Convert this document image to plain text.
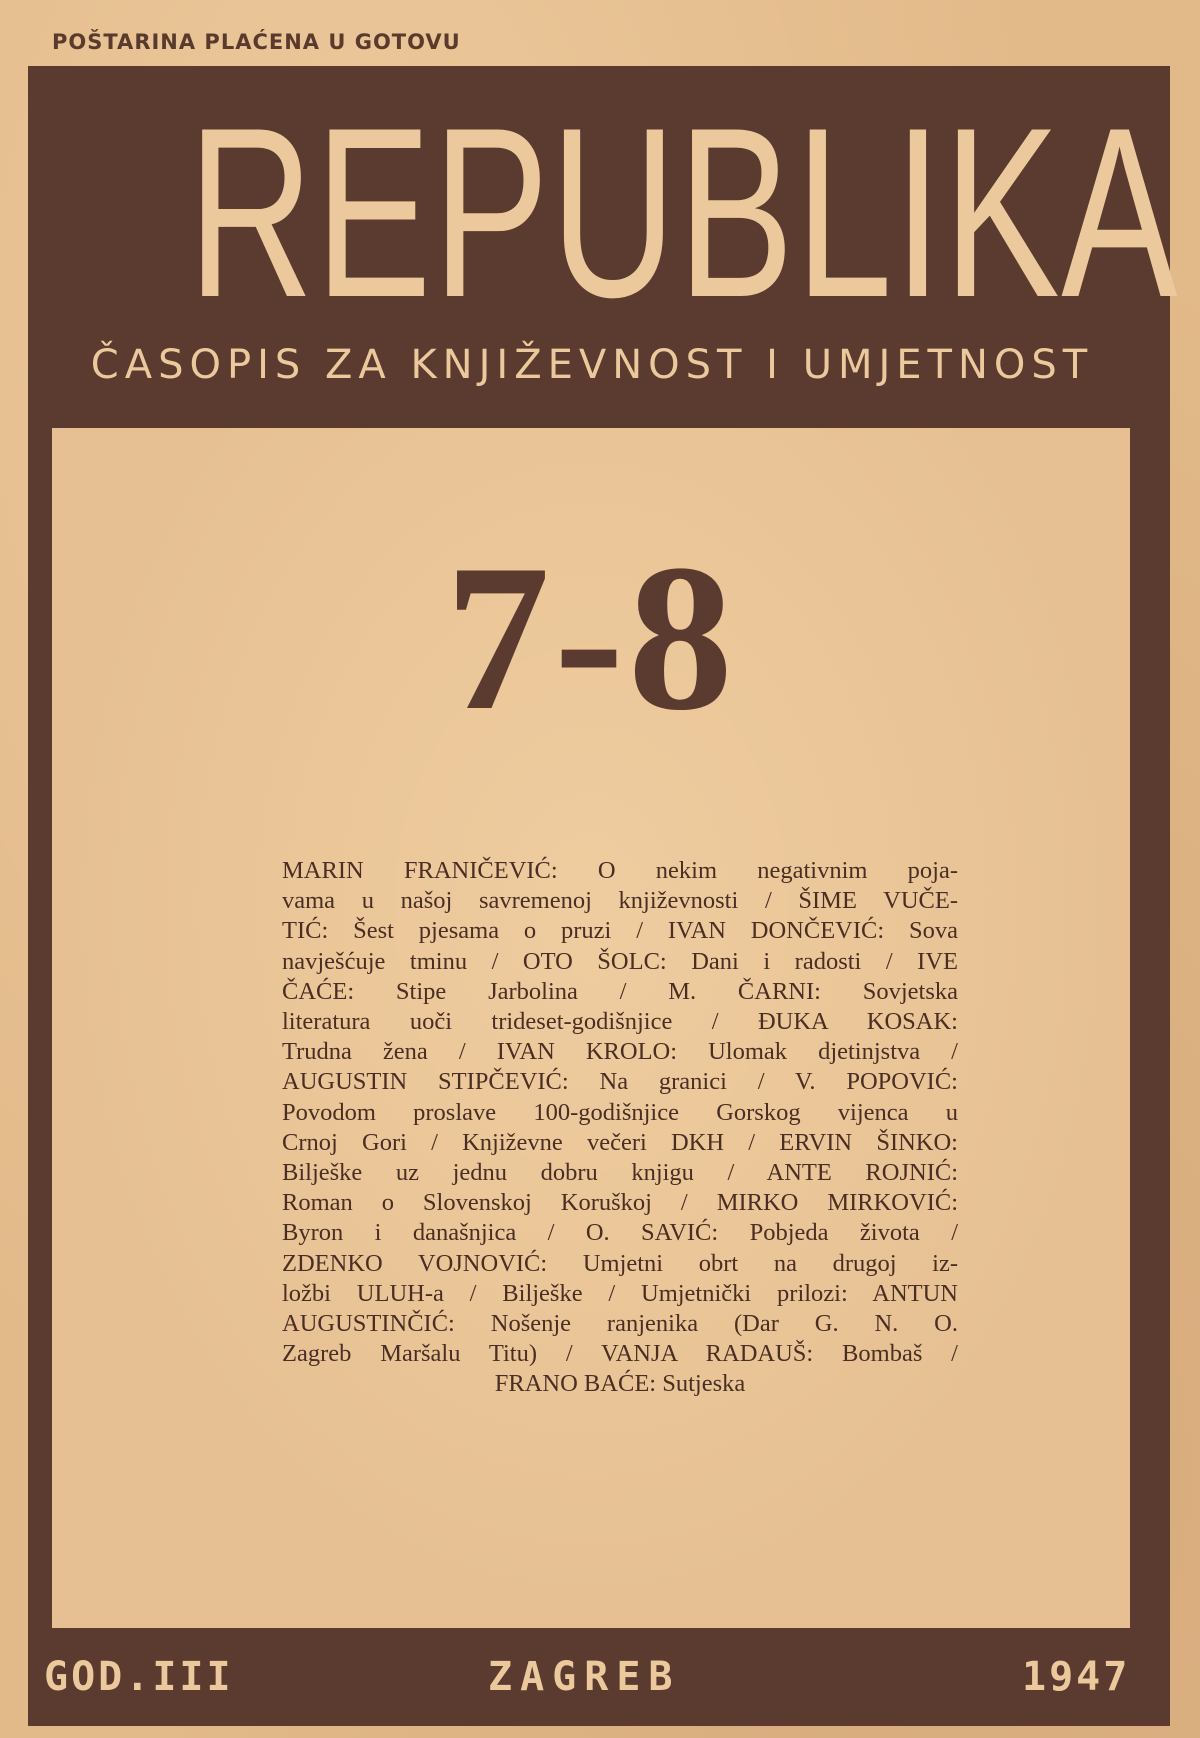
POŠTARINA PLAĆENA U GOTOVU
REPUBLIKA
ČASOPIS ZA KNJIŽEVNOST I UMJETNOST
7-8
MARIN FRANIČEVIĆ: O nekim negativnim poja-
vama u našoj savremenoj književnosti / ŠIME VUČE-
TIĆ: Šest pjesama o pruzi / IVAN DONČEVIĆ: Sova
navješćuje tminu / OTO ŠOLC: Dani i radosti / IVE
ČAĆE: Stipe Jarbolina / M. ČARNI: Sovjetska
literatura uoči trideset-godišnjice / ĐUKA KOSAK:
Trudna žena / IVAN KROLO: Ulomak djetinjstva /
AUGUSTIN STIPČEVIĆ: Na granici / V. POPOVIĆ:
Povodom proslave 100-godišnjice Gorskog vijenca u
Crnoj Gori / Književne večeri DKH / ERVIN ŠINKO:
Bilješke uz jednu dobru knjigu / ANTE ROJNIĆ:
Roman o Slovenskoj Koruškoj / MIRKO MIRKOVIĆ:
Byron i današnjica / O. SAVIĆ: Pobjeda života /
ZDENKO VOJNOVIĆ: Umjetni obrt na drugoj iz-
ložbi ULUH-a / Bilješke / Umjetnički prilozi: ANTUN
AUGUSTINČIĆ: Nošenje ranjenika (Dar G. N. O.
Zagreb Maršalu Titu) / VANJA RADAUŠ: Bombaš /
FRANO BAĆE: Sutjeska
GOD.III	ZAGREB	1947
